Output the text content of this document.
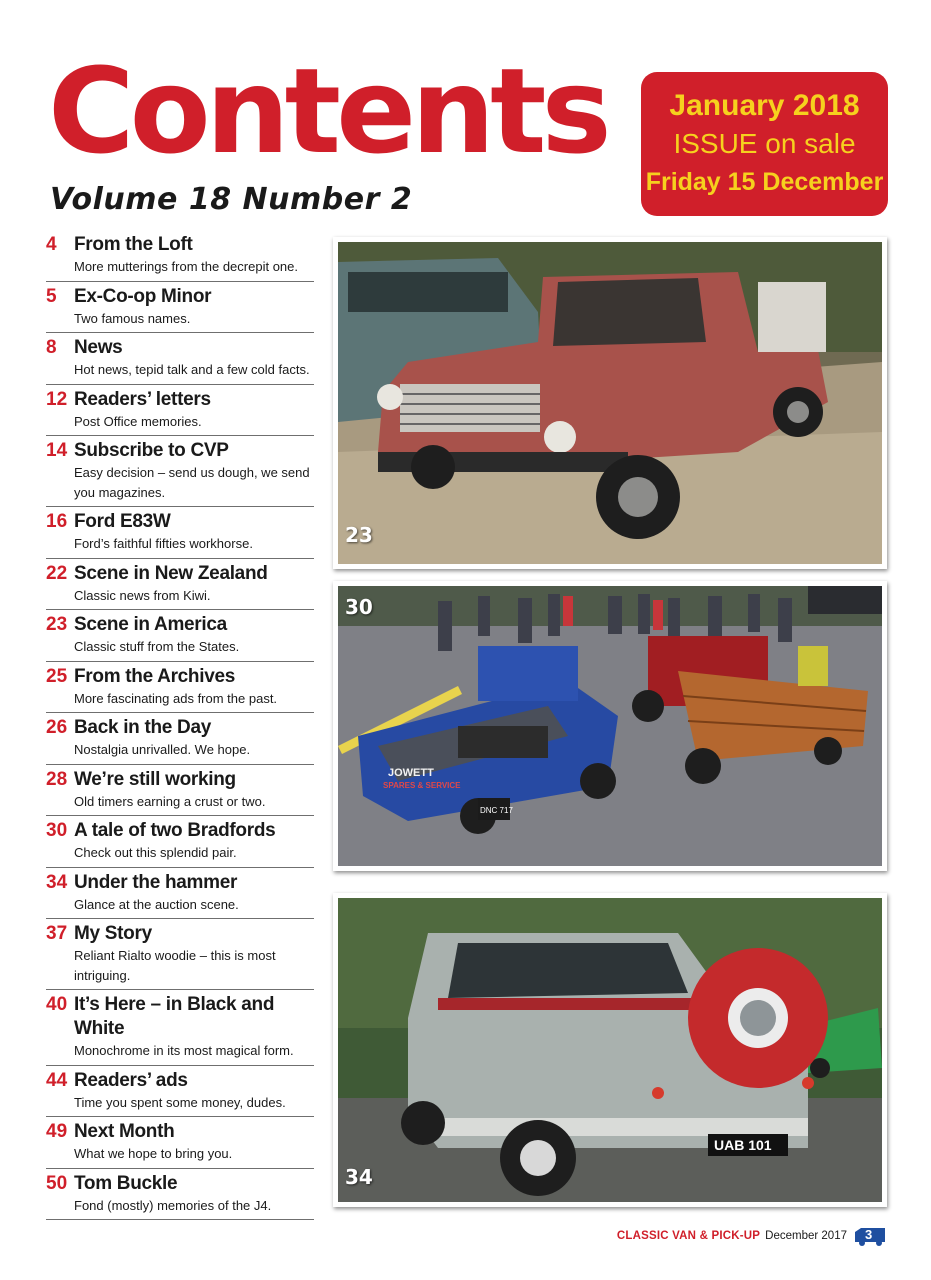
Contents
Volume 18 Number 2
January 2018
ISSUE on sale
Friday 15 December
4 From the Loft
More mutterings from the decrepit one.
5 Ex-Co-op Minor
Two famous names.
8 News
Hot news, tepid talk and a few cold facts.
12 Readers’ letters
Post Office memories.
14 Subscribe to CVP
Easy decision – send us dough, we send you magazines.
16 Ford E83W
Ford’s faithful fifties workhorse.
22 Scene in New Zealand
Classic news from Kiwi.
23 Scene in America
Classic stuff from the States.
25 From the Archives
More fascinating ads from the past.
26 Back in the Day
Nostalgia unrivalled. We hope.
28 We’re still working
Old timers earning a crust or two.
30 A tale of two Bradfords
Check out this splendid pair.
34 Under the hammer
Glance at the auction scene.
37 My Story
Reliant Rialto woodie – this is most intriguing.
40 It’s Here – in Black and White
Monochrome in its most magical form.
44 Readers’ ads
Time you spent some money, dudes.
49 Next Month
What we hope to bring you.
50 Tom Buckle
Fond (mostly) memories of the J4.
23
JOWETT
SPARES & SERVICE
DNC 717
30
UAB 101
34
CLASSIC VAN & PICK-UP December 2017 3
